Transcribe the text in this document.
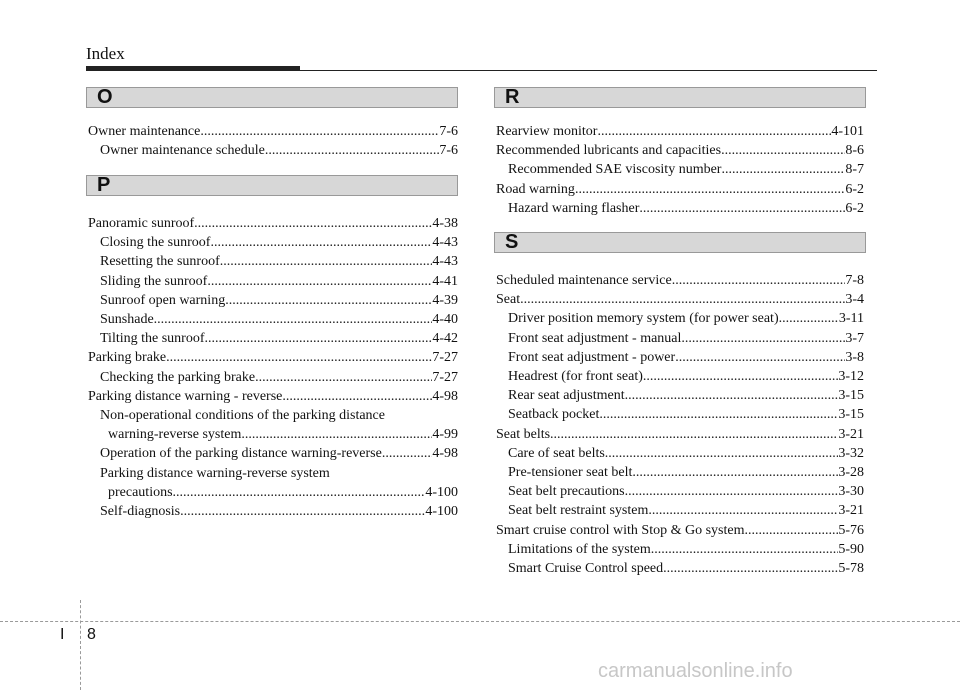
Index
O
Owner maintenance .....	7-6
Owner maintenance schedule .....	7-6
P
Panoramic sunroof .....	4-38
Closing the sunroof .....	4-43
Resetting the sunroof .....	4-43
Sliding the sunroof .....	4-41
Sunroof open warning .....	4-39
Sunshade .....	4-40
Tilting the sunroof .....	4-42
Parking brake .....	7-27
Checking the parking brake .....	7-27
Parking distance warning - reverse .....	4-98
Non-operational conditions of the parking distance
warning-reverse system .....	4-99
Operation of the parking distance warning-reverse .....	4-98
Parking distance warning-reverse system
precautions .....	4-100
Self-diagnosis .....	4-100
R
Rearview monitor .....	4-101
Recommended lubricants and capacities .....	8-6
Recommended SAE viscosity number .....	8-7
Road warning .....	6-2
Hazard warning flasher .....	6-2
S
Scheduled maintenance service .....	7-8
Seat .....	3-4
Driver position memory system (for power seat) .....	3-11
Front seat adjustment - manual .....	3-7
Front seat adjustment - power .....	3-8
Headrest (for front seat) .....	3-12
Rear seat adjustment .....	3-15
Seatback pocket .....	3-15
Seat belts .....	3-21
Care of seat belts .....	3-32
Pre-tensioner seat belt .....	3-28
Seat belt precautions .....	3-30
Seat belt restraint system .....	3-21
Smart cruise control with Stop & Go system .....	5-76
Limitations of the system .....	5-90
Smart Cruise Control speed .....	5-78
I 8
carmanualsonline.info
